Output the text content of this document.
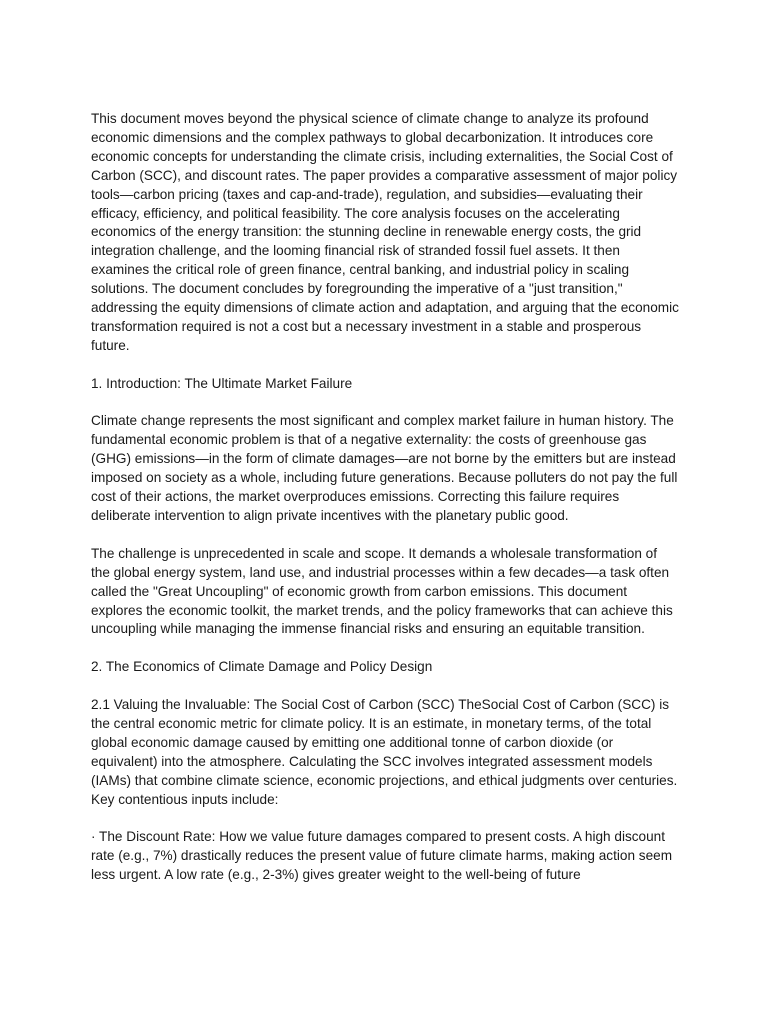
This document moves beyond the physical science of climate change to analyze its profound economic dimensions and the complex pathways to global decarbonization. It introduces core economic concepts for understanding the climate crisis, including externalities, the Social Cost of Carbon (SCC), and discount rates. The paper provides a comparative assessment of major policy tools—carbon pricing (taxes and cap-and-trade), regulation, and subsidies—evaluating their efficacy, efficiency, and political feasibility. The core analysis focuses on the accelerating economics of the energy transition: the stunning decline in renewable energy costs, the grid integration challenge, and the looming financial risk of stranded fossil fuel assets. It then examines the critical role of green finance, central banking, and industrial policy in scaling solutions. The document concludes by foregrounding the imperative of a "just transition," addressing the equity dimensions of climate action and adaptation, and arguing that the economic transformation required is not a cost but a necessary investment in a stable and prosperous future.

1. Introduction: The Ultimate Market Failure

Climate change represents the most significant and complex market failure in human history. The fundamental economic problem is that of a negative externality: the costs of greenhouse gas (GHG) emissions—in the form of climate damages—are not borne by the emitters but are instead imposed on society as a whole, including future generations. Because polluters do not pay the full cost of their actions, the market overproduces emissions. Correcting this failure requires deliberate intervention to align private incentives with the planetary public good.

The challenge is unprecedented in scale and scope. It demands a wholesale transformation of the global energy system, land use, and industrial processes within a few decades—a task often called the "Great Uncoupling" of economic growth from carbon emissions. This document explores the economic toolkit, the market trends, and the policy frameworks that can achieve this uncoupling while managing the immense financial risks and ensuring an equitable transition.

2. The Economics of Climate Damage and Policy Design

2.1 Valuing the Invaluable: The Social Cost of Carbon (SCC) TheSocial Cost of Carbon (SCC) is the central economic metric for climate policy. It is an estimate, in monetary terms, of the total global economic damage caused by emitting one additional tonne of carbon dioxide (or equivalent) into the atmosphere. Calculating the SCC involves integrated assessment models (IAMs) that combine climate science, economic projections, and ethical judgments over centuries. Key contentious inputs include:

· The Discount Rate: How we value future damages compared to present costs. A high discount rate (e.g., 7%) drastically reduces the present value of future climate harms, making action seem less urgent. A low rate (e.g., 2-3%) gives greater weight to the well-being of future
